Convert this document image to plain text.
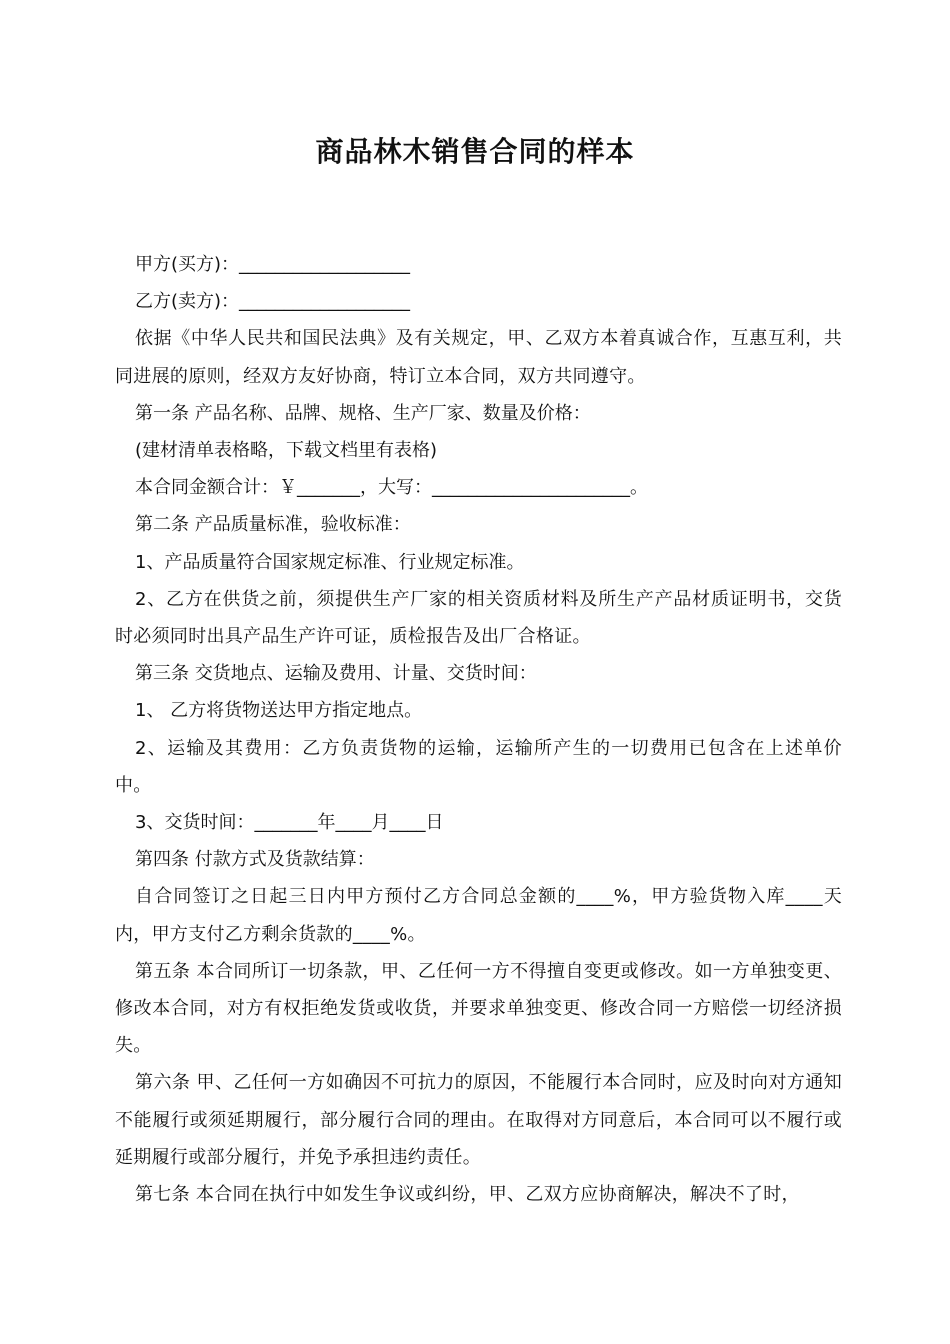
商品林木销售合同的样本

甲方(买方)：___________________

乙方(卖方)：___________________

依据《中华人民共和国民法典》及有关规定，甲、乙双方本着真诚合作，互惠互利，共同进展的原则，经双方友好协商，特订立本合同，双方共同遵守。

第一条 产品名称、品牌、规格、生产厂家、数量及价格：

(建材清单表格略，下载文档里有表格)

本合同金额合计：￥_______，大写：______________________。

第二条 产品质量标准，验收标准：

1、产品质量符合国家规定标准、行业规定标准。

2、乙方在供货之前，须提供生产厂家的相关资质材料及所生产产品材质证明书，交货时必须同时出具产品生产许可证，质检报告及出厂合格证。

第三条 交货地点、运输及费用、计量、交货时间：

1、 乙方将货物送达甲方指定地点。

2、运输及其费用：乙方负责货物的运输，运输所产生的一切费用已包含在上述单价中。

3、交货时间：_______年____月____日

第四条 付款方式及货款结算：

自合同签订之日起三日内甲方预付乙方合同总金额的____%，甲方验货物入库____天内，甲方支付乙方剩余货款的____%。

第五条 本合同所订一切条款，甲、乙任何一方不得擅自变更或修改。如一方单独变更、修改本合同，对方有权拒绝发货或收货，并要求单独变更、修改合同一方赔偿一切经济损失。

第六条 甲、乙任何一方如确因不可抗力的原因，不能履行本合同时，应及时向对方通知不能履行或须延期履行，部分履行合同的理由。在取得对方同意后，本合同可以不履行或延期履行或部分履行，并免予承担违约责任。

第七条 本合同在执行中如发生争议或纠纷，甲、乙双方应协商解决，解决不了时，
